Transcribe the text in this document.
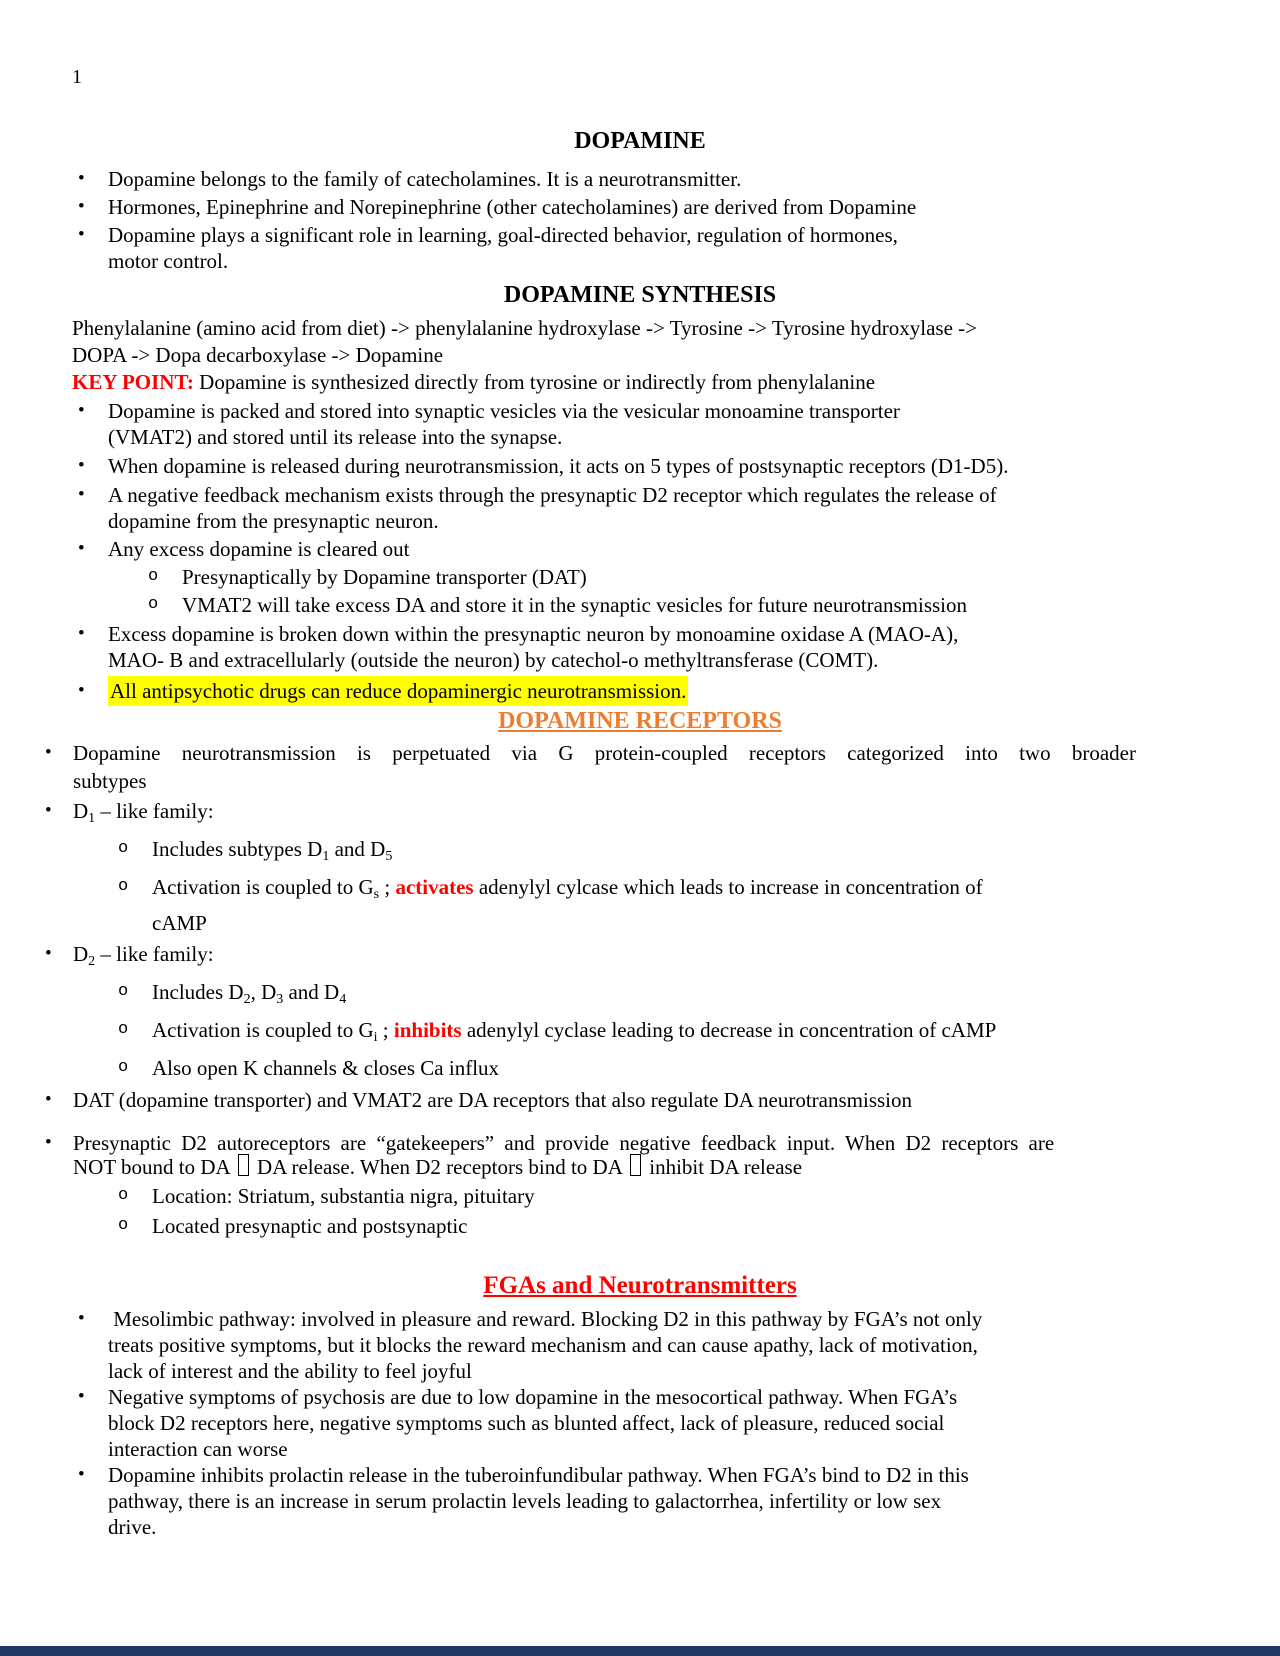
1
DOPAMINE
• Dopamine belongs to the family of catecholamines. It is a neurotransmitter.
• Hormones, Epinephrine and Norepinephrine (other catecholamines) are derived from Dopamine
• Dopamine plays a significant role in learning, goal-directed behavior, regulation of hormones,
motor control.
DOPAMINE SYNTHESIS

Phenylalanine (amino acid from diet) -> phenylalanine hydroxylase -> Tyrosine -> Tyrosine hydroxylase ->
DOPA -> Dopa decarboxylase -> Dopamine

KEY POINT: Dopamine is synthesized directly from tyrosine or indirectly from phenylalanine

• Dopamine is packed and stored into synaptic vesicles via the vesicular monoamine transporter
(VMAT2) and stored until its release into the synapse.
• When dopamine is released during neurotransmission, it acts on 5 types of postsynaptic receptors (D1-D5).
• A negative feedback mechanism exists through the presynaptic D2 receptor which regulates the release of
dopamine from the presynaptic neuron.
• Any excess dopamine is cleared out
o Presynaptically by Dopamine transporter (DAT)
o VMAT2 will take excess DA and store it in the synaptic vesicles for future neurotransmission
• Excess dopamine is broken down within the presynaptic neuron by monoamine oxidase A (MAO-A),
MAO- B and extracellularly (outside the neuron) by catechol-o methyltransferase (COMT).
• All antipsychotic drugs can reduce dopaminergic neurotransmission.
DOPAMINE RECEPTORS
• Dopamine neurotransmission is perpetuated via G protein-coupled receptors categorized into two broader
subtypes
• D1 – like family:
o Includes subtypes D1 and D5
o Activation is coupled to Gs ; activates adenylyl cylcase which leads to increase in concentration of
cAMP
• D2 – like family:
o Includes D2, D3 and D4
o Activation is coupled to Gi ; inhibits adenylyl cyclase leading to decrease in concentration of cAMP
o Also open K channels & closes Ca influx
• DAT (dopamine transporter) and VMAT2 are DA receptors that also regulate DA neurotransmission
• Presynaptic D2 autoreceptors are “gatekeepers” and provide negative feedback input. When D2 receptors are
NOT bound to DA  DA release. When D2 receptors bind to DA  inhibit DA release
o Location: Striatum, substantia nigra, pituitary
o Located presynaptic and postsynaptic
FGAs and Neurotransmitters
• Mesolimbic pathway: involved in pleasure and reward. Blocking D2 in this pathway by FGA’s not only
treats positive symptoms, but it blocks the reward mechanism and can cause apathy, lack of motivation,
lack of interest and the ability to feel joyful
• Negative symptoms of psychosis are due to low dopamine in the mesocortical pathway. When FGA’s
block D2 receptors here, negative symptoms such as blunted affect, lack of pleasure, reduced social
interaction can worse
• Dopamine inhibits prolactin release in the tuberoinfundibular pathway. When FGA’s bind to D2 in this
pathway, there is an increase in serum prolactin levels leading to galactorrhea, infertility or low sex
drive.
